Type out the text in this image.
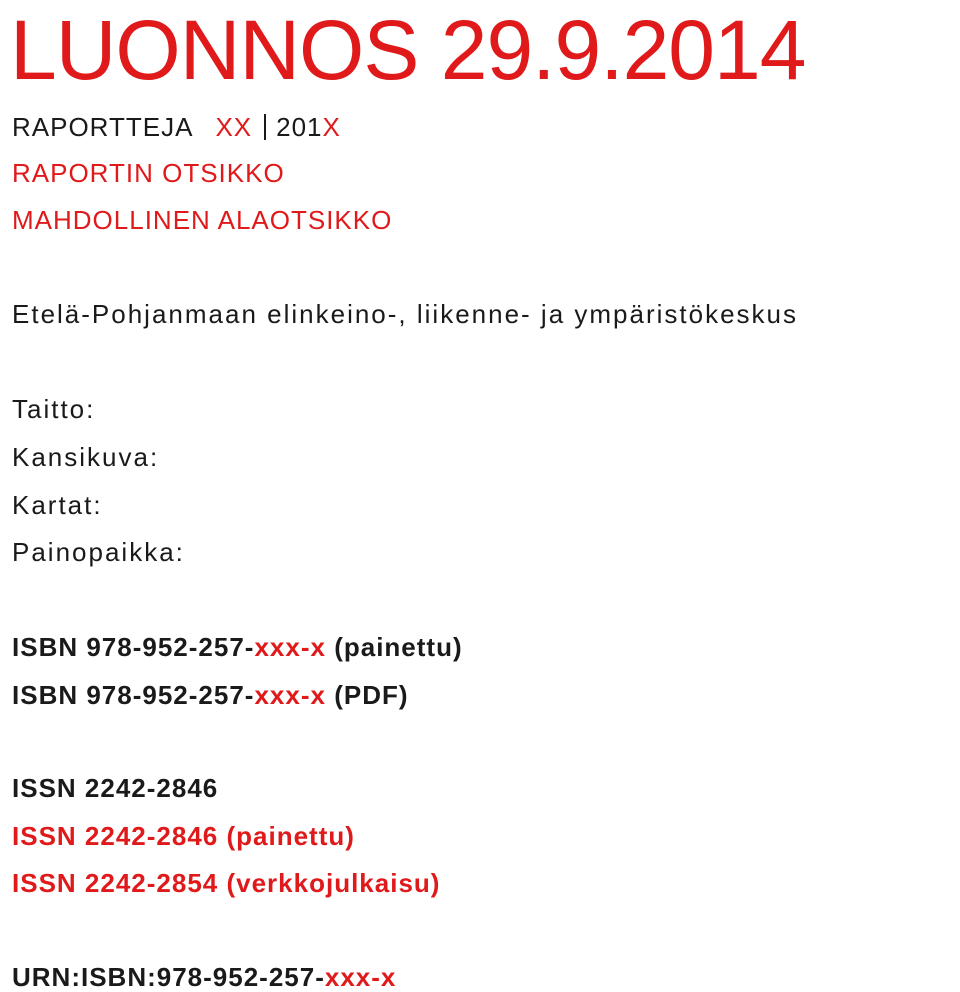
LUONNOS 29.9.2014
RAPORTTEJA XX 201X
RAPORTIN OTSIKKO
MAHDOLLINEN ALAOTSIKKO
Etelä-Pohjanmaan elinkeino-, liikenne- ja ympäristökeskus
Taitto:
Kansikuva:
Kartat:
Painopaikka:
ISBN 978-952-257-xxx-x (painettu)
ISBN 978-952-257-xxx-x (PDF)
ISSN 2242-2846
ISSN 2242-2846 (painettu)
ISSN 2242-2854 (verkkojulkaisu)
URN:ISBN:978-952-257-xxx-x
